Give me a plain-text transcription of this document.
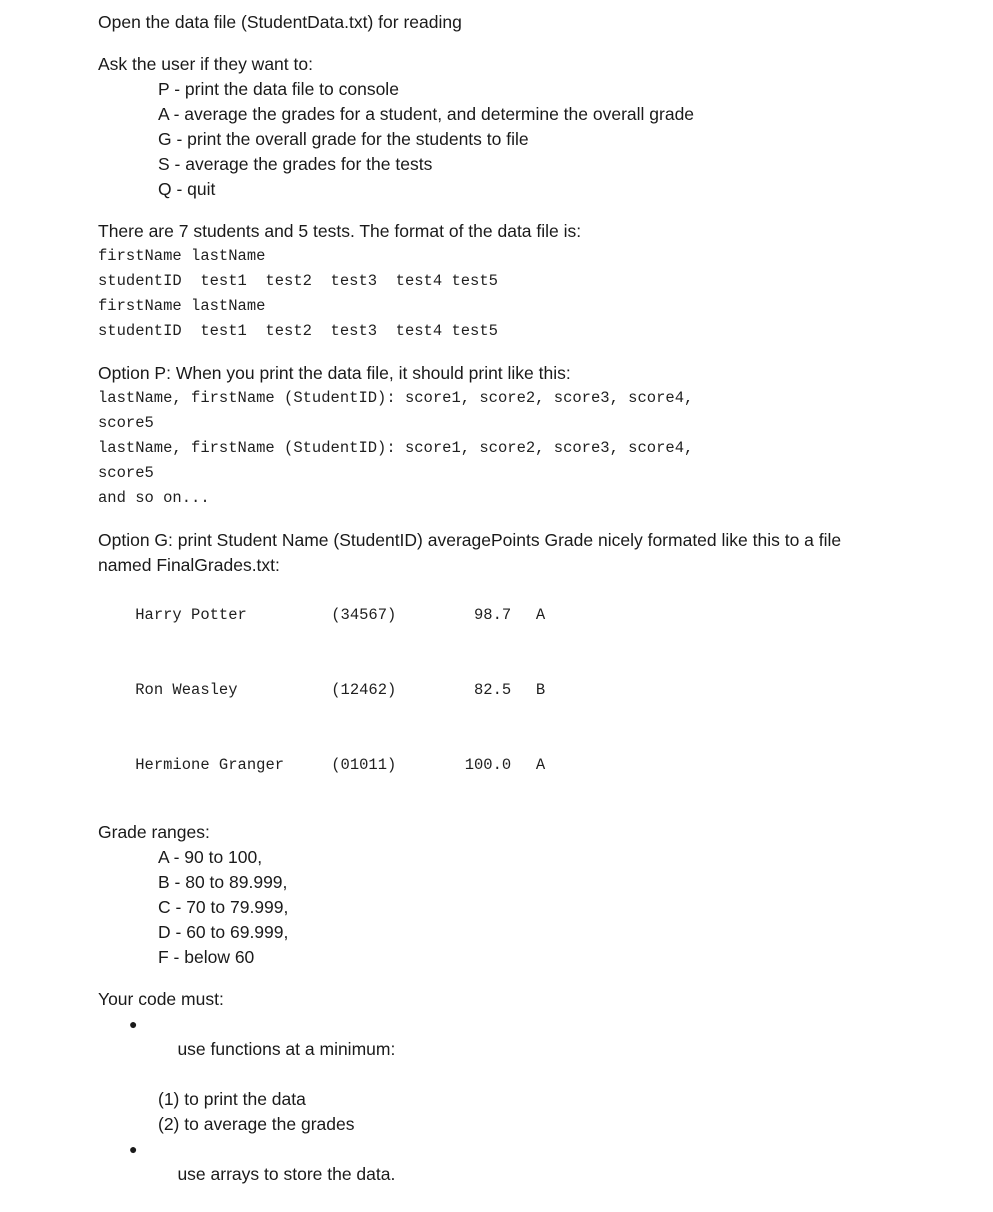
Open the data file (StudentData.txt) for reading
Ask the user if they want to:
P - print the data file to console
A - average the grades for a student, and determine the overall grade
G - print the overall grade for the students to file
S - average the grades for the tests
Q - quit
There are 7 students and 5 tests. The format of the data file is:
firstName lastName
studentID  test1  test2  test3  test4 test5
firstName lastName
studentID  test1  test2  test3  test4 test5
Option P: When you print the data file, it should print like this:
lastName, firstName (StudentID): score1, score2, score3, score4,
score5
lastName, firstName (StudentID): score1, score2, score3, score4,
score5
and so on...
Option G: print Student Name (StudentID) averagePoints Grade nicely formated like this to a file
named FinalGrades.txt:

Harry Potter	(34567)	98.7 A

Ron Weasley	(12462)	82.5 B

Hermione Granger	(01011)	100.0 A

Grade ranges:
A - 90 to 100,
B - 80 to 89.999,
C - 70 to 79.999,
D - 60 to 69.999,
F - below 60
Your code must:

●
use functions at a minimum:

(1) to print the data
(2) to average the grades

●
use arrays to store the data.
